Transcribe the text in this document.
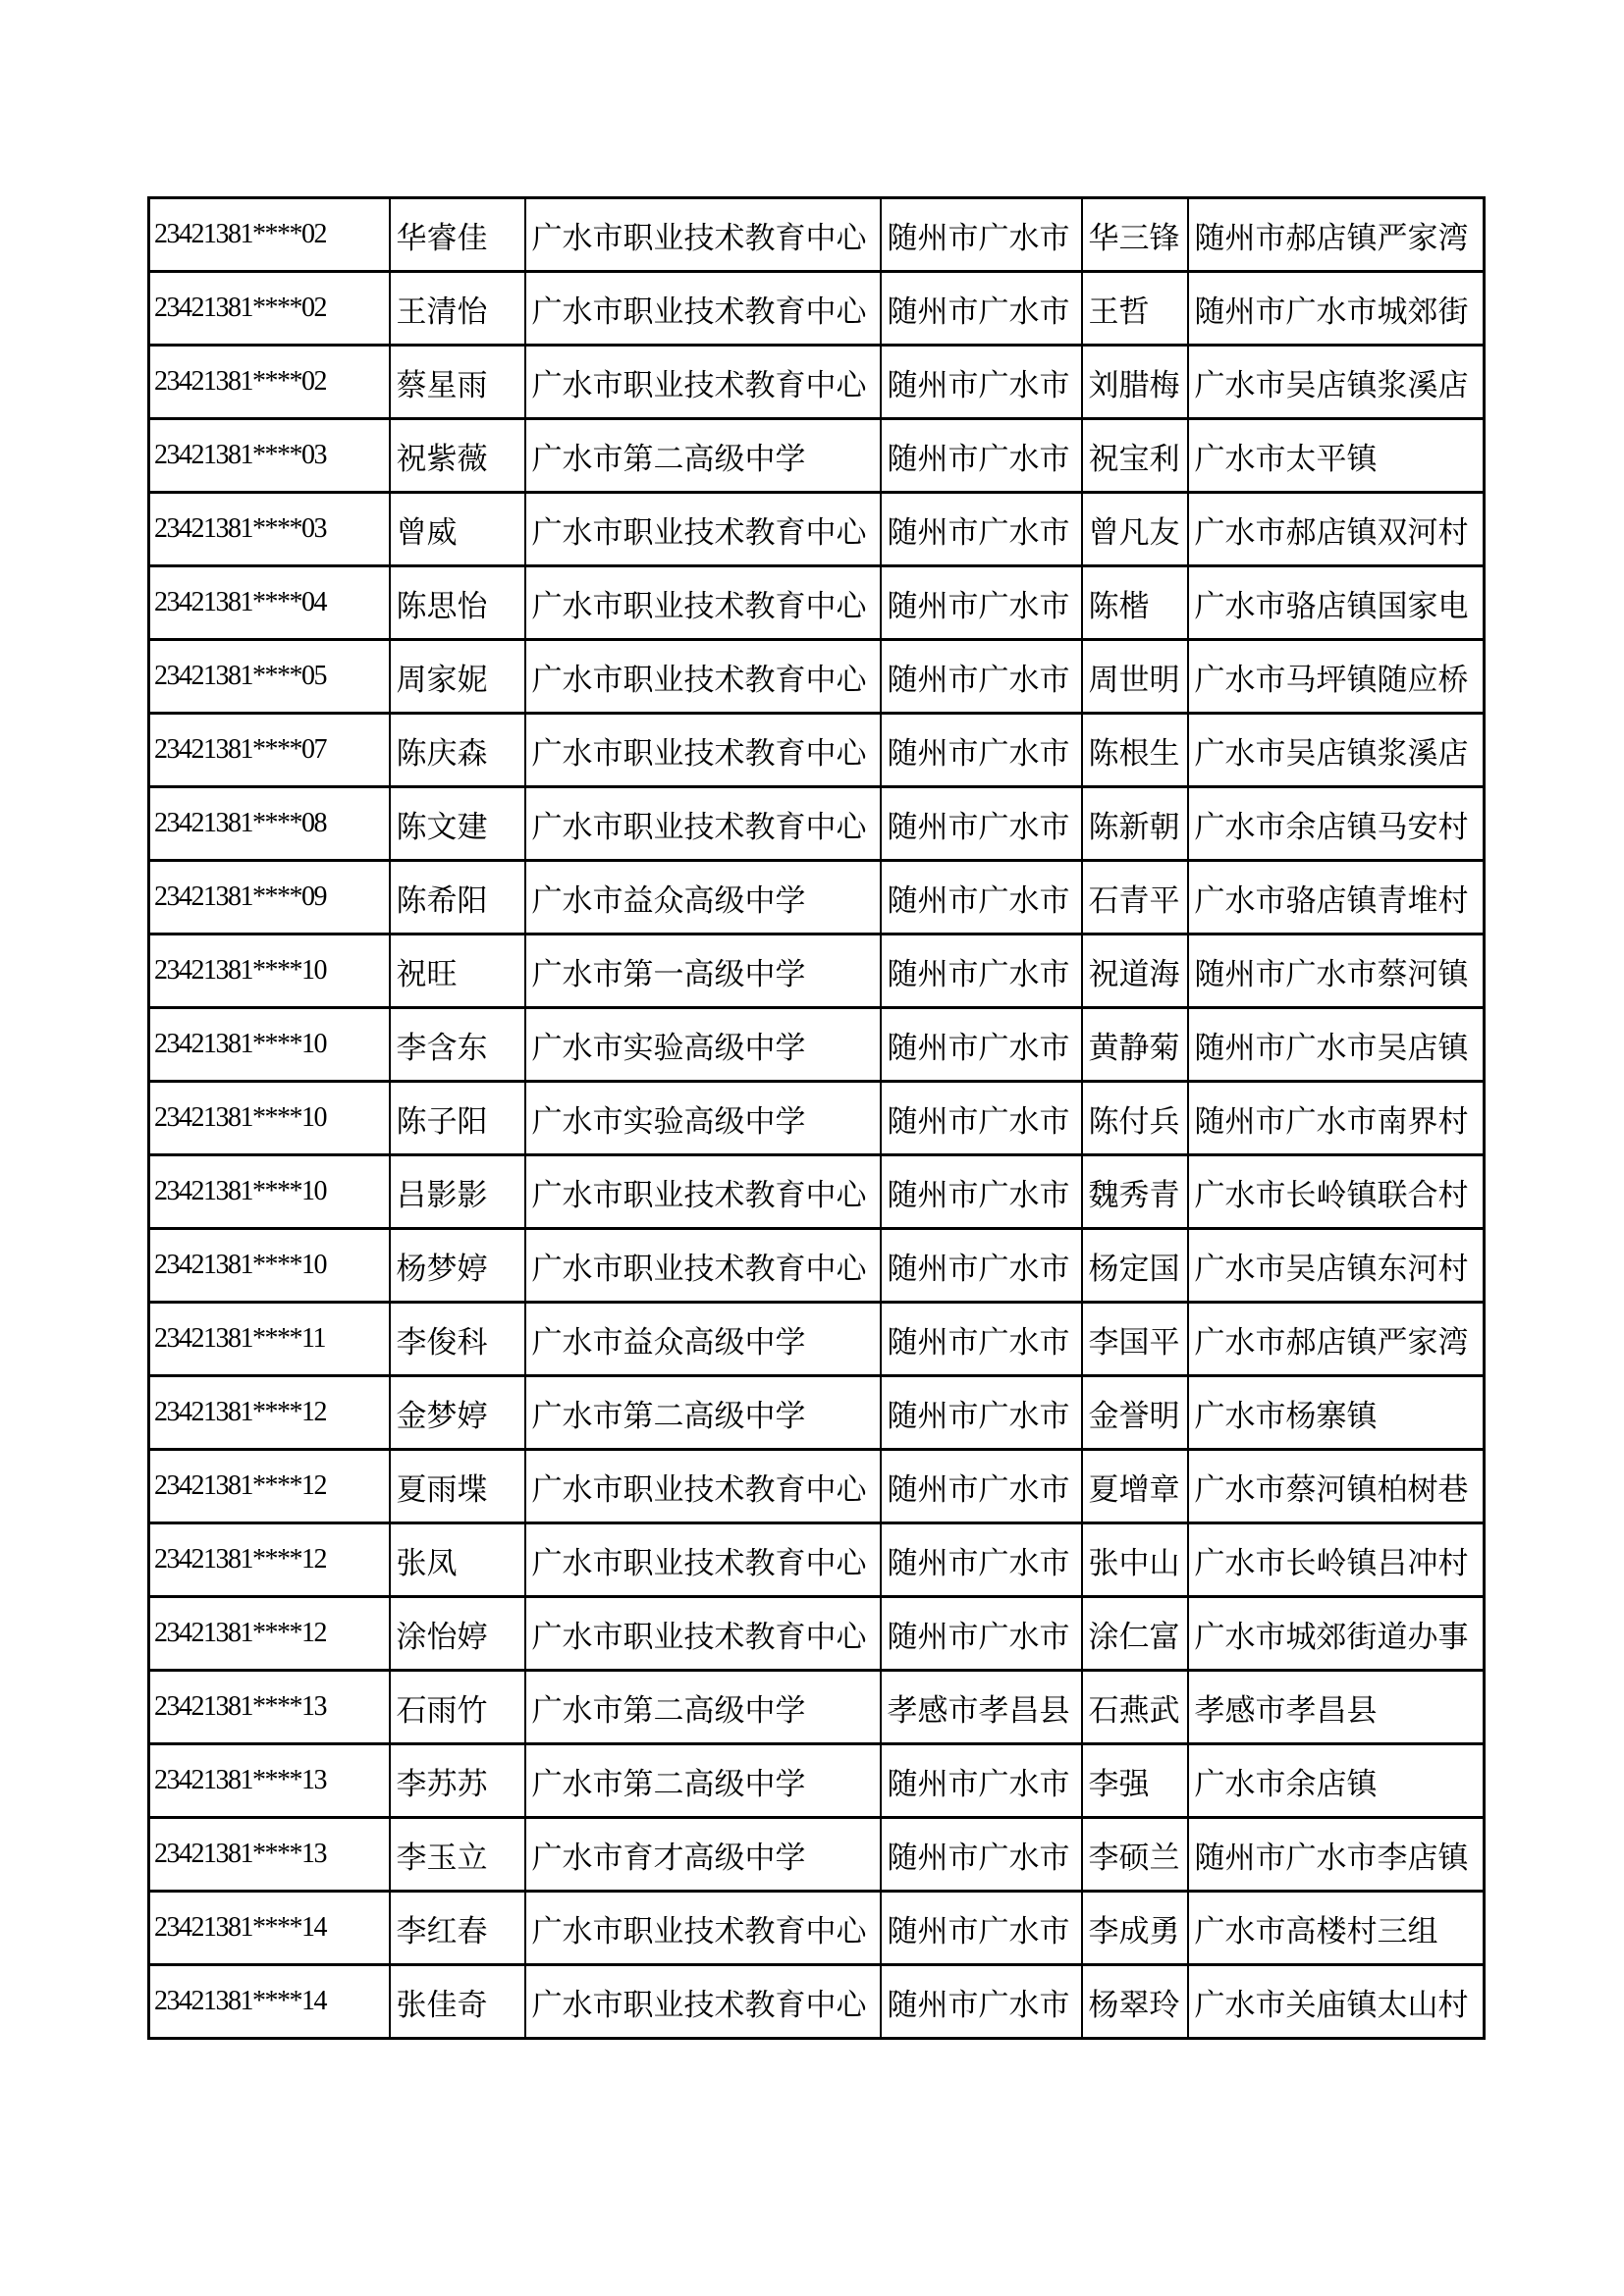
23421381****02	华睿佳	广水市职业技术教育中心	随州市广水市	华三锋	随州市郝店镇严家湾
23421381****02	王清怡	广水市职业技术教育中心	随州市广水市	王哲	随州市广水市城郊街
23421381****02	蔡星雨	广水市职业技术教育中心	随州市广水市	刘腊梅	广水市吴店镇浆溪店
23421381****03	祝紫薇	广水市第二高级中学	随州市广水市	祝宝利	广水市太平镇
23421381****03	曾威	广水市职业技术教育中心	随州市广水市	曾凡友	广水市郝店镇双河村
23421381****04	陈思怡	广水市职业技术教育中心	随州市广水市	陈楷	广水市骆店镇国家电
23421381****05	周家妮	广水市职业技术教育中心	随州市广水市	周世明	广水市马坪镇随应桥
23421381****07	陈庆森	广水市职业技术教育中心	随州市广水市	陈根生	广水市吴店镇浆溪店
23421381****08	陈文建	广水市职业技术教育中心	随州市广水市	陈新朝	广水市余店镇马安村
23421381****09	陈希阳	广水市益众高级中学	随州市广水市	石青平	广水市骆店镇青堆村
23421381****10	祝旺	广水市第一高级中学	随州市广水市	祝道海	随州市广水市蔡河镇
23421381****10	李含东	广水市实验高级中学	随州市广水市	黄静菊	随州市广水市吴店镇
23421381****10	陈子阳	广水市实验高级中学	随州市广水市	陈付兵	随州市广水市南界村
23421381****10	吕影影	广水市职业技术教育中心	随州市广水市	魏秀青	广水市长岭镇联合村
23421381****10	杨梦婷	广水市职业技术教育中心	随州市广水市	杨定国	广水市吴店镇东河村
23421381****11	李俊科	广水市益众高级中学	随州市广水市	李国平	广水市郝店镇严家湾
23421381****12	金梦婷	广水市第二高级中学	随州市广水市	金誉明	广水市杨寨镇
23421381****12	夏雨堞	广水市职业技术教育中心	随州市广水市	夏增章	广水市蔡河镇柏树巷
23421381****12	张凤	广水市职业技术教育中心	随州市广水市	张中山	广水市长岭镇吕冲村
23421381****12	涂怡婷	广水市职业技术教育中心	随州市广水市	涂仁富	广水市城郊街道办事
23421381****13	石雨竹	广水市第二高级中学	孝感市孝昌县	石燕武	孝感市孝昌县
23421381****13	李苏苏	广水市第二高级中学	随州市广水市	李强	广水市余店镇
23421381****13	李玉立	广水市育才高级中学	随州市广水市	李硕兰	随州市广水市李店镇
23421381****14	李红春	广水市职业技术教育中心	随州市广水市	李成勇	广水市高楼村三组
23421381****14	张佳奇	广水市职业技术教育中心	随州市广水市	杨翠玲	广水市关庙镇太山村
